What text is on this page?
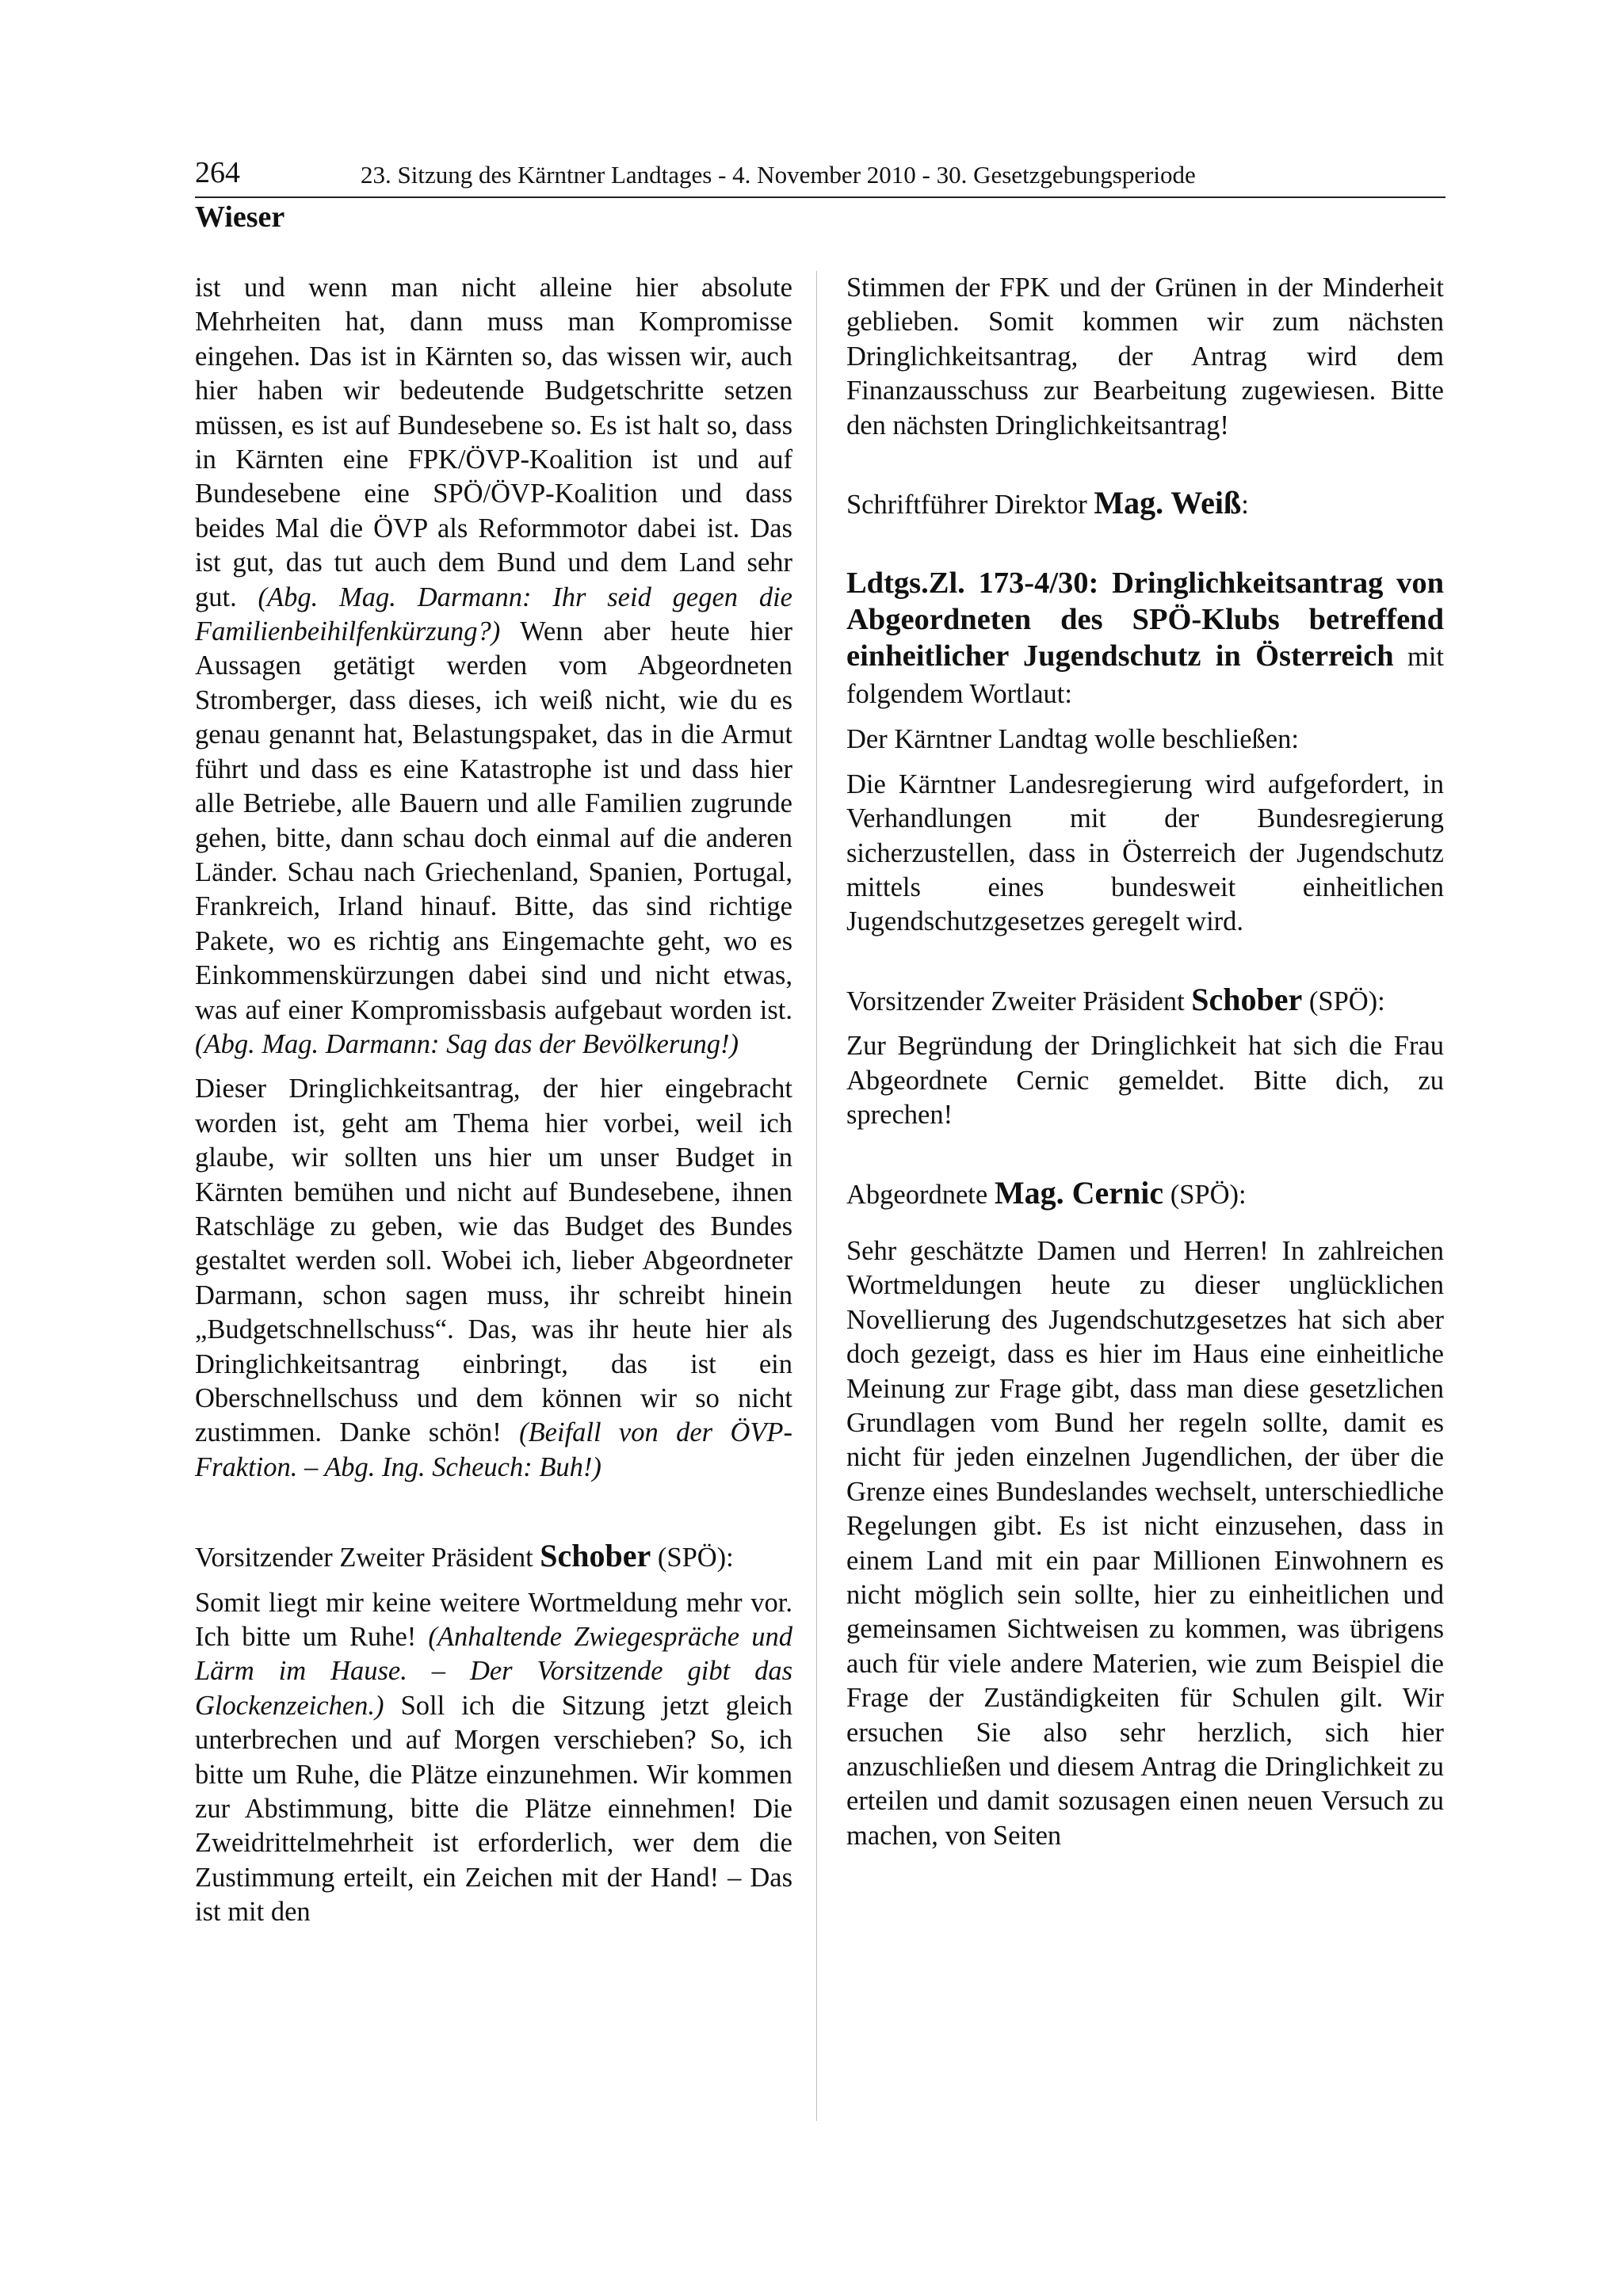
264	23. Sitzung des Kärntner Landtages - 4. November 2010 - 30. Gesetzgebungsperiode
Wieser

ist und wenn man nicht alleine hier absolute Mehrheiten hat, dann muss man Kompromisse eingehen. Das ist in Kärnten so, das wissen wir, auch hier haben wir bedeutende Budgetschritte setzen müssen, es ist auf Bundesebene so. Es ist halt so, dass in Kärnten eine FPK/ÖVP-Koalition ist und auf Bundesebene eine SPÖ/ÖVP-Koalition und dass beides Mal die ÖVP als Reformmotor dabei ist. Das ist gut, das tut auch dem Bund und dem Land sehr gut. (Abg. Mag. Darmann: Ihr seid gegen die Familienbeihilfenkürzung?) Wenn aber heute hier Aussagen getätigt werden vom Abgeordneten Stromberger, dass dieses, ich weiß nicht, wie du es genau genannt hat, Belastungspaket, das in die Armut führt und dass es eine Katastrophe ist und dass hier alle Betriebe, alle Bauern und alle Familien zugrunde gehen, bitte, dann schau doch einmal auf die anderen Länder. Schau nach Griechenland, Spanien, Portugal, Frankreich, Irland hinauf. Bitte, das sind richtige Pakete, wo es richtig ans Eingemachte geht, wo es Einkommenskürzungen dabei sind und nicht etwas, was auf einer Kompromissbasis aufgebaut worden ist. (Abg. Mag. Darmann: Sag das der Bevölkerung!)

Dieser Dringlichkeitsantrag, der hier eingebracht worden ist, geht am Thema hier vorbei, weil ich glaube, wir sollten uns hier um unser Budget in Kärnten bemühen und nicht auf Bundesebene, ihnen Ratschläge zu geben, wie das Budget des Bundes gestaltet werden soll. Wobei ich, lieber Abgeordneter Darmann, schon sagen muss, ihr schreibt hinein „Budgetschnellschuss“. Das, was ihr heute hier als Dringlichkeitsantrag einbringt, das ist ein Oberschnellschuss und dem können wir so nicht zustimmen. Danke schön! (Beifall von der ÖVP-Fraktion. – Abg. Ing. Scheuch: Buh!)

Vorsitzender Zweiter Präsident Schober (SPÖ):

Somit liegt mir keine weitere Wortmeldung mehr vor. Ich bitte um Ruhe! (Anhaltende Zwiegespräche und Lärm im Hause. – Der Vorsitzende gibt das Glockenzeichen.) Soll ich die Sitzung jetzt gleich unterbrechen und auf Morgen verschieben? So, ich bitte um Ruhe, die Plätze einzunehmen. Wir kommen zur Abstimmung, bitte die Plätze einnehmen! Die Zweidrittelmehrheit ist erforderlich, wer dem die Zustimmung erteilt, ein Zeichen mit der Hand! – Das ist mit den

Stimmen der FPK und der Grünen in der Minderheit geblieben. Somit kommen wir zum nächsten Dringlichkeitsantrag, der Antrag wird dem Finanzausschuss zur Bearbeitung zugewiesen. Bitte den nächsten Dringlichkeitsantrag!

Schriftführer Direktor Mag. Weiß:

Ldtgs.Zl. 173-4/30: Dringlichkeitsantrag von Abgeordneten des SPÖ-Klubs betreffend einheitlicher Jugendschutz in Österreich mit folgendem Wortlaut:

Der Kärntner Landtag wolle beschließen:

Die Kärntner Landesregierung wird aufgefordert, in Verhandlungen mit der Bundesregierung sicherzustellen, dass in Österreich der Jugendschutz mittels eines bundesweit einheitlichen Jugendschutzgesetzes geregelt wird.

Vorsitzender Zweiter Präsident Schober (SPÖ):

Zur Begründung der Dringlichkeit hat sich die Frau Abgeordnete Cernic gemeldet. Bitte dich, zu sprechen!

Abgeordnete Mag. Cernic (SPÖ):

Sehr geschätzte Damen und Herren! In zahlreichen Wortmeldungen heute zu dieser unglücklichen Novellierung des Jugendschutzgesetzes hat sich aber doch gezeigt, dass es hier im Haus eine einheitliche Meinung zur Frage gibt, dass man diese gesetzlichen Grundlagen vom Bund her regeln sollte, damit es nicht für jeden einzelnen Jugendlichen, der über die Grenze eines Bundeslandes wechselt, unterschiedliche Regelungen gibt. Es ist nicht einzusehen, dass in einem Land mit ein paar Millionen Einwohnern es nicht möglich sein sollte, hier zu einheitlichen und gemeinsamen Sichtweisen zu kommen, was übrigens auch für viele andere Materien, wie zum Beispiel die Frage der Zuständigkeiten für Schulen gilt. Wir ersuchen Sie also sehr herzlich, sich hier anzuschließen und diesem Antrag die Dringlichkeit zu erteilen und damit sozusagen einen neuen Versuch zu machen, von Seiten
